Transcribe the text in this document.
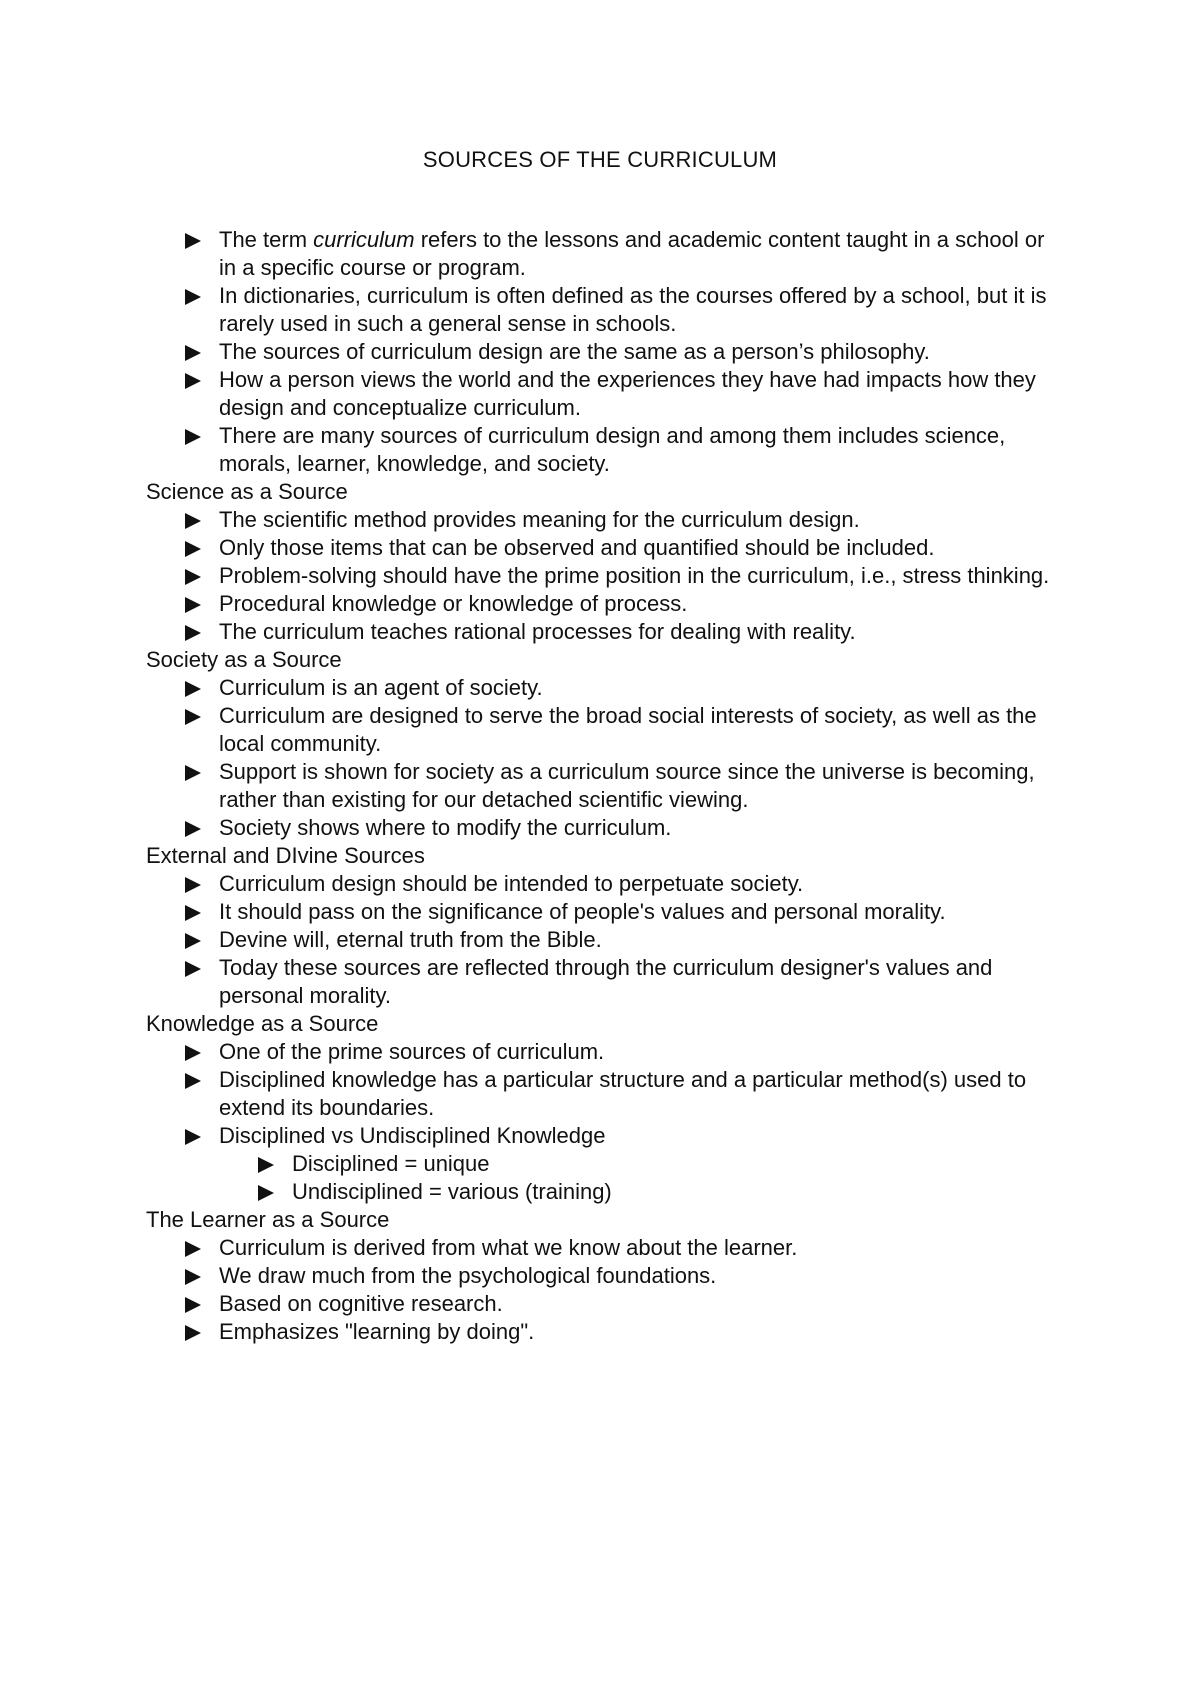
SOURCES OF THE CURRICULUM
The term curriculum refers to the lessons and academic content taught in a school or in a specific course or program.
In dictionaries, curriculum is often defined as the courses offered by a school, but it is rarely used in such a general sense in schools.
The sources of curriculum design are the same as a person’s philosophy.
How a person views the world and the experiences they have had impacts how they design and conceptualize curriculum.
There are many sources of curriculum design and among them includes science, morals, learner, knowledge, and society.
Science as a Source
The scientific method provides meaning for the curriculum design.
Only those items that can be observed and quantified should be included.
Problem-solving should have the prime position in the curriculum, i.e., stress thinking.
Procedural knowledge or knowledge of process.
The curriculum teaches rational processes for dealing with reality.
Society as a Source
Curriculum is an agent of society.
Curriculum are designed to serve the broad social interests of society, as well as the local community.
Support is shown for society as a curriculum source since the universe is becoming, rather than existing for our detached scientific viewing.
Society shows where to modify the curriculum.
External and DIvine Sources
Curriculum design should be intended to perpetuate society.
It should pass on the significance of people's values and personal morality.
Devine will, eternal truth from the Bible.
Today these sources are reflected through the curriculum designer's values and personal morality.
Knowledge as a Source
One of the prime sources of curriculum.
Disciplined knowledge has a particular structure and a particular method(s) used to extend its boundaries.
Disciplined vs Undisciplined Knowledge
Disciplined = unique
Undisciplined = various (training)
The Learner as a Source
Curriculum is derived from what we know about the learner.
We draw much from the psychological foundations.
Based on cognitive research.
Emphasizes "learning by doing".
